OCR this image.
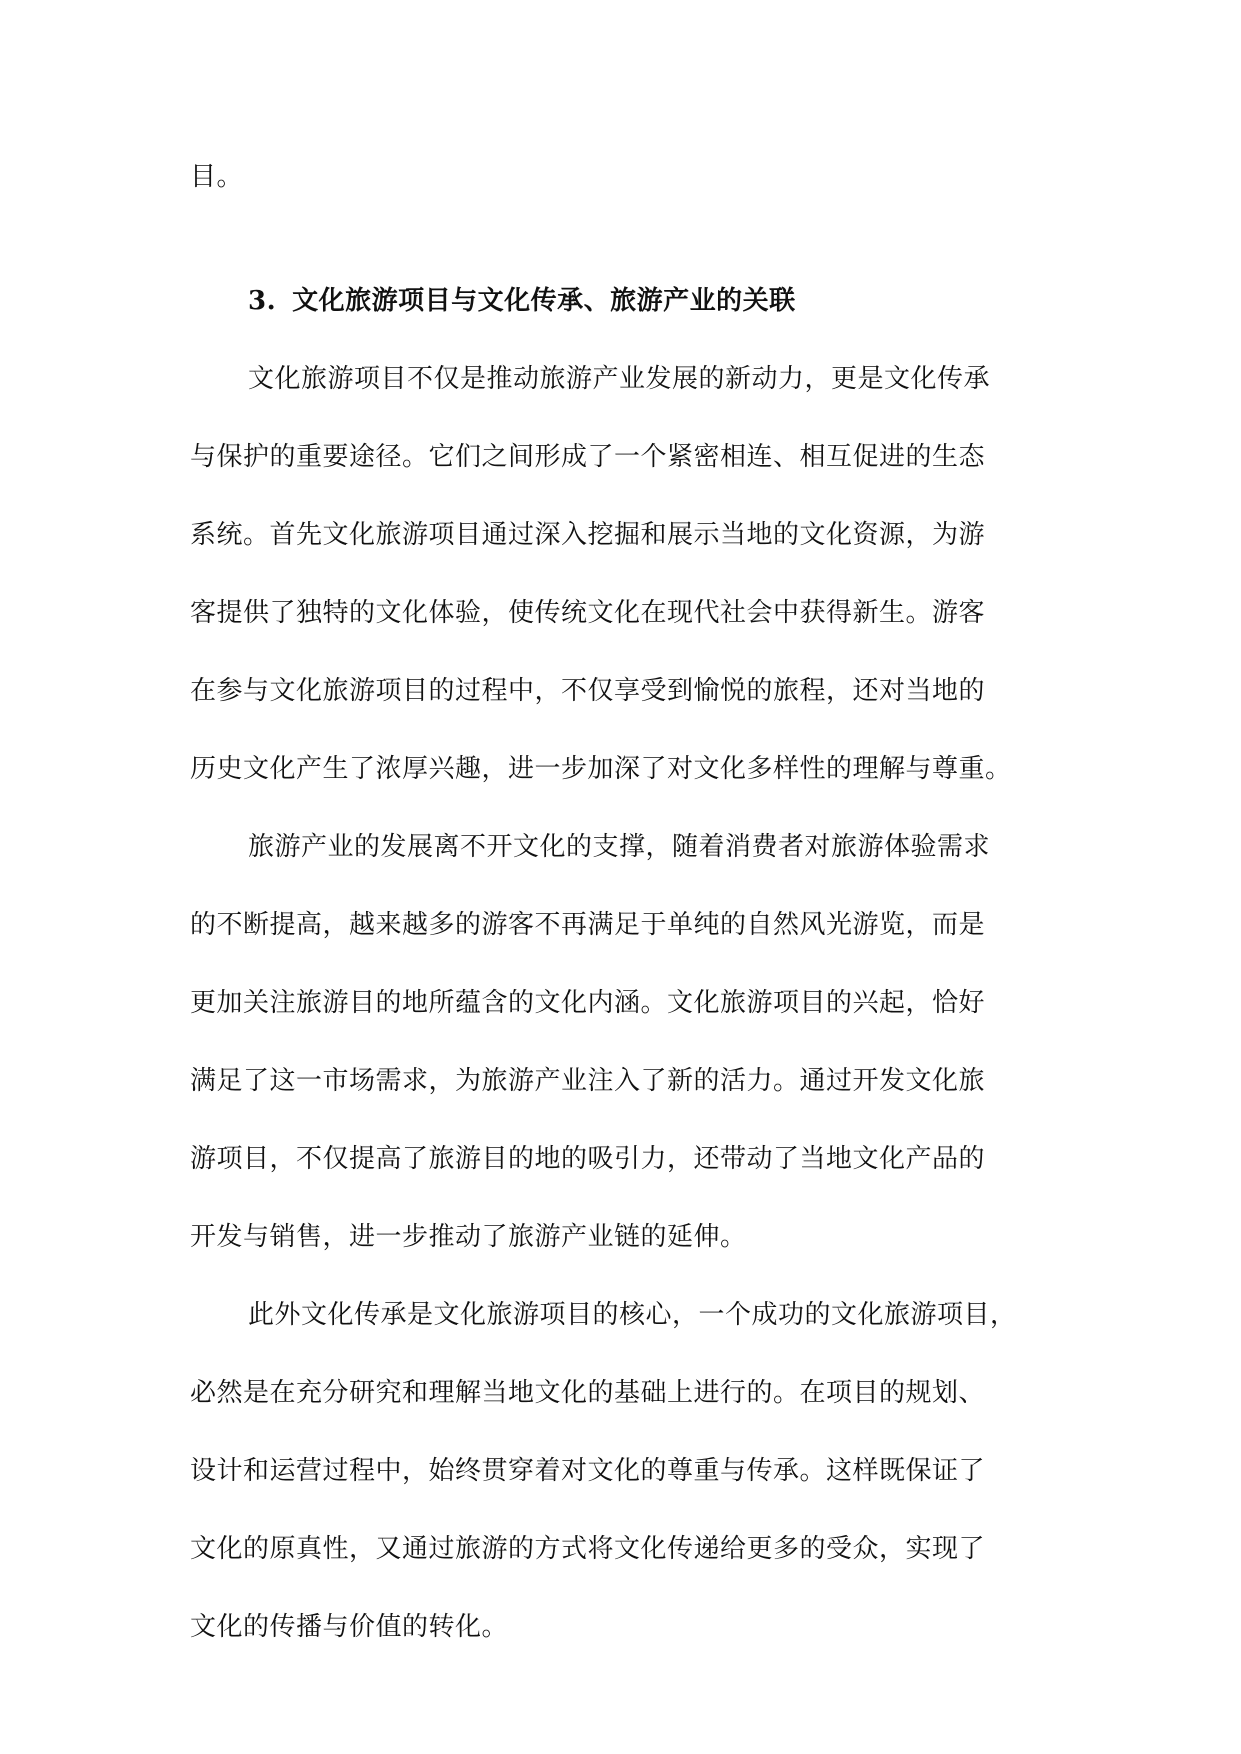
目。
3. 文化旅游项目与文化传承、旅游产业的关联
文化旅游项目不仅是推动旅游产业发展的新动力，更是文化传承
与保护的重要途径。它们之间形成了一个紧密相连、相互促进的生态
系统。首先文化旅游项目通过深入挖掘和展示当地的文化资源，为游
客提供了独特的文化体验，使传统文化在现代社会中获得新生。游客
在参与文化旅游项目的过程中，不仅享受到愉悦的旅程，还对当地的
历史文化产生了浓厚兴趣，进一步加深了对文化多样性的理解与尊重。
旅游产业的发展离不开文化的支撑，随着消费者对旅游体验需求
的不断提高，越来越多的游客不再满足于单纯的自然风光游览，而是
更加关注旅游目的地所蕴含的文化内涵。文化旅游项目的兴起，恰好
满足了这一市场需求，为旅游产业注入了新的活力。通过开发文化旅
游项目，不仅提高了旅游目的地的吸引力，还带动了当地文化产品的
开发与销售，进一步推动了旅游产业链的延伸。
此外文化传承是文化旅游项目的核心，一个成功的文化旅游项目，
必然是在充分研究和理解当地文化的基础上进行的。在项目的规划、
设计和运营过程中，始终贯穿着对文化的尊重与传承。这样既保证了
文化的原真性，又通过旅游的方式将文化传递给更多的受众，实现了
文化的传播与价值的转化。
